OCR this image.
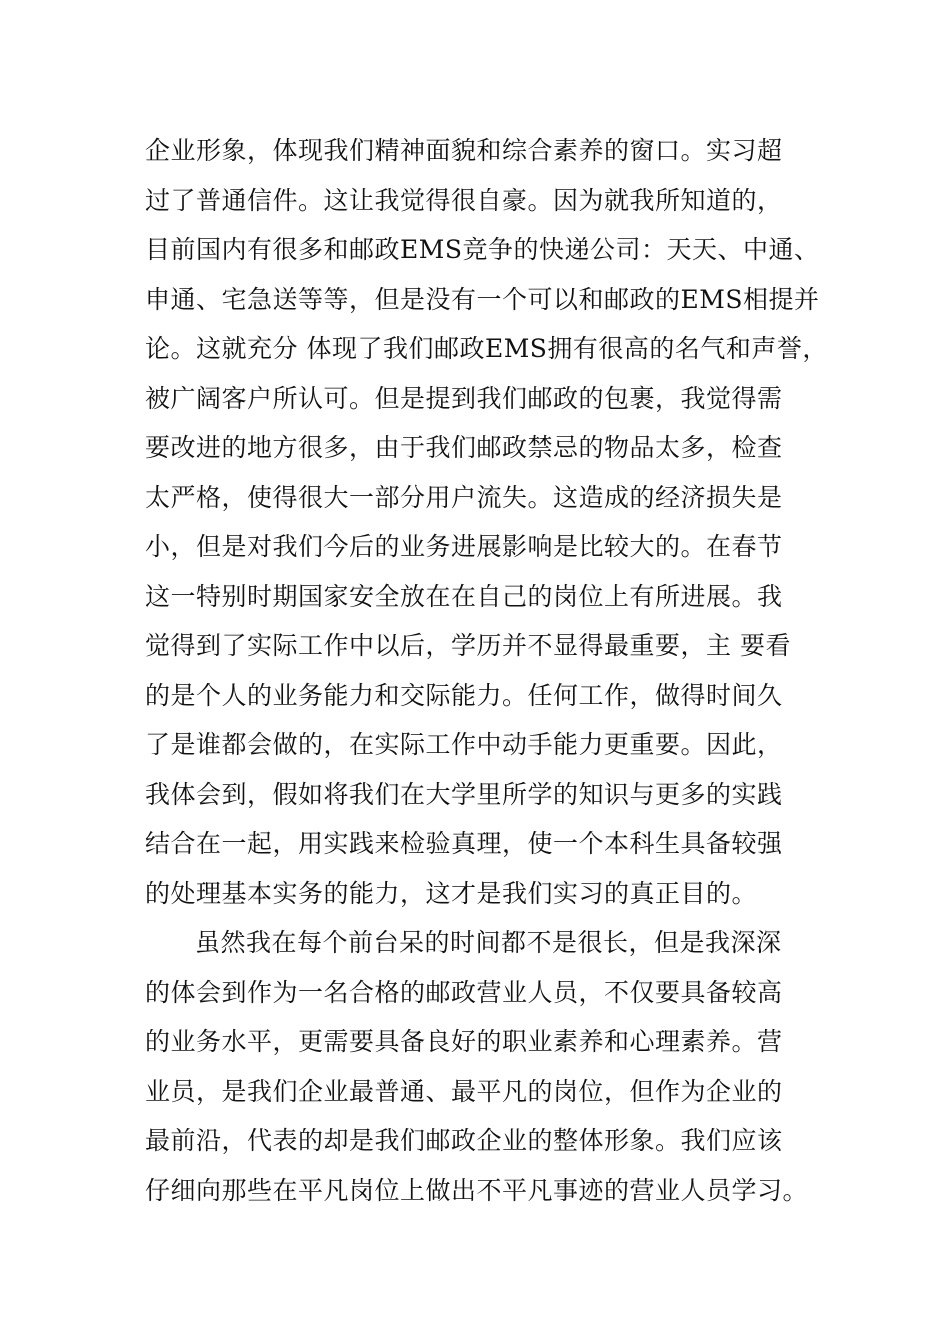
企业形象，体现我们精神面貌和综合素养的窗口。实习超
过了普通信件。这让我觉得很自豪。因为就我所知道的，
目前国内有很多和邮政EMS竞争的快递公司：天天、中通、
申通、宅急送等等，但是没有一个可以和邮政的EMS相提并
论。这就充分 体现了我们邮政EMS拥有很高的名气和声誉，
被广阔客户所认可。但是提到我们邮政的包裹，我觉得需
要改进的地方很多，由于我们邮政禁忌的物品太多，检查
太严格，使得很大一部分用户流失。这造成的经济损失是
小，但是对我们今后的业务进展影响是比较大的。在春节
这一特别时期国家安全放在在自己的岗位上有所进展。我
觉得到了实际工作中以后，学历并不显得最重要，主 要看
的是个人的业务能力和交际能力。任何工作，做得时间久
了是谁都会做的，在实际工作中动手能力更重要。因此，
我体会到，假如将我们在大学里所学的知识与更多的实践
结合在一起，用实践来检验真理，使一个本科生具备较强
的处理基本实务的能力，这才是我们实习的真正目的。
虽然我在每个前台呆的时间都不是很长，但是我深深
的体会到作为一名合格的邮政营业人员，不仅要具备较高
的业务水平，更需要具备良好的职业素养和心理素养。营
业员，是我们企业最普通、最平凡的岗位，但作为企业的
最前沿，代表的却是我们邮政企业的整体形象。我们应该
仔细向那些在平凡岗位上做出不平凡事迹的营业人员学习。
